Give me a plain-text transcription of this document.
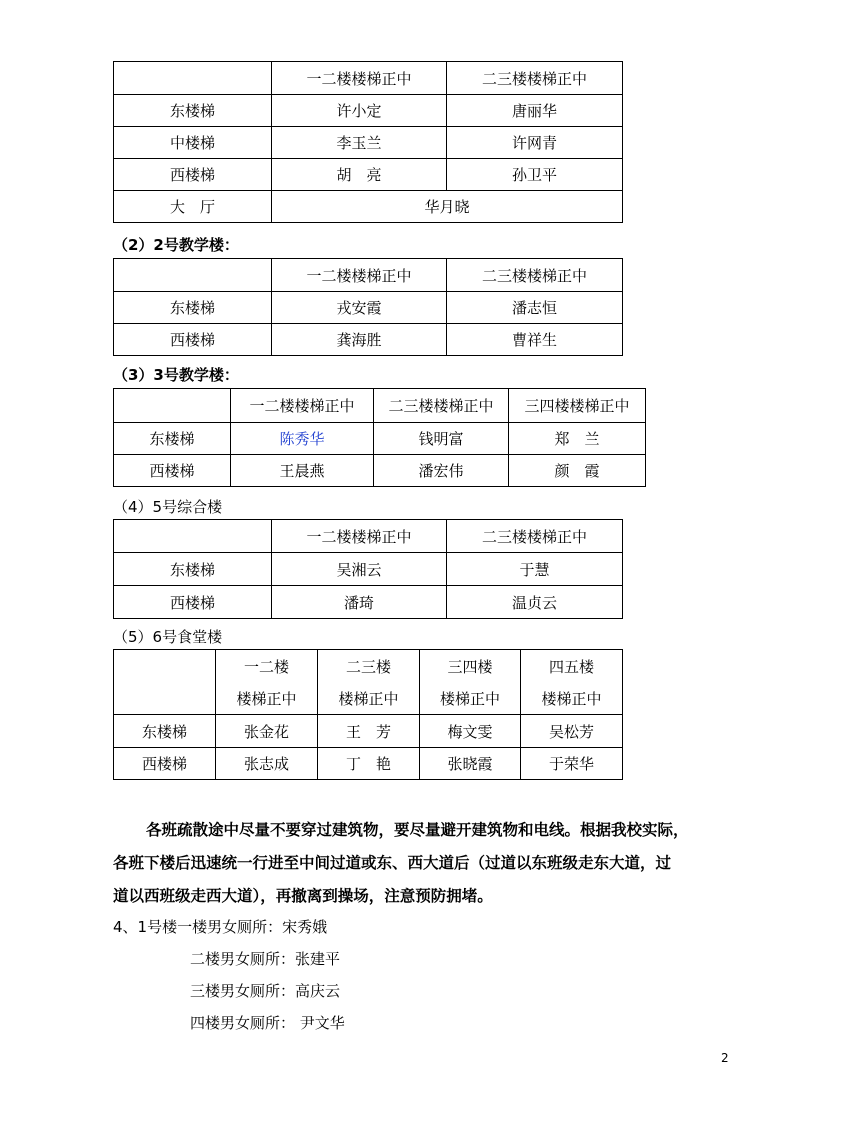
	一二楼楼梯正中	二三楼楼梯正中
东楼梯	许小定	唐丽华
中楼梯	李玉兰	许网青
西楼梯	胡　亮	孙卫平
大　厅	华月晓	
（2）2号教学楼：
	一二楼楼梯正中	二三楼楼梯正中
东楼梯	戎安霞	潘志恒
西楼梯	龚海胜	曹祥生
（3）3号教学楼：
	一二楼楼梯正中	二三楼楼梯正中	三四楼楼梯正中
东楼梯	陈秀华	钱明富	郑　兰
西楼梯	王晨燕	潘宏伟	颜　霞
（4）5号综合楼
	一二楼楼梯正中	二三楼楼梯正中
东楼梯	吴湘云	于慧
西楼梯	潘琦	温贞云
（5）6号食堂楼
	一二楼	二三楼	三四楼	四五楼
	楼梯正中	楼梯正中	楼梯正中	楼梯正中
东楼梯	张金花	王　芳	梅文雯	吴松芳
西楼梯	张志成	丁　艳	张晓霞	于荣华
各班疏散途中尽量不要穿过建筑物，要尽量避开建筑物和电线。根据我校实际，
各班下楼后迅速统一行进至中间过道或东、西大道后（过道以东班级走东大道，过
道以西班级走西大道），再撤离到操场，注意预防拥堵。
4、1号楼一楼男女厕所：宋秀娥
二楼男女厕所：张建平
三楼男女厕所：高庆云
四楼男女厕所： 尹文华
2
